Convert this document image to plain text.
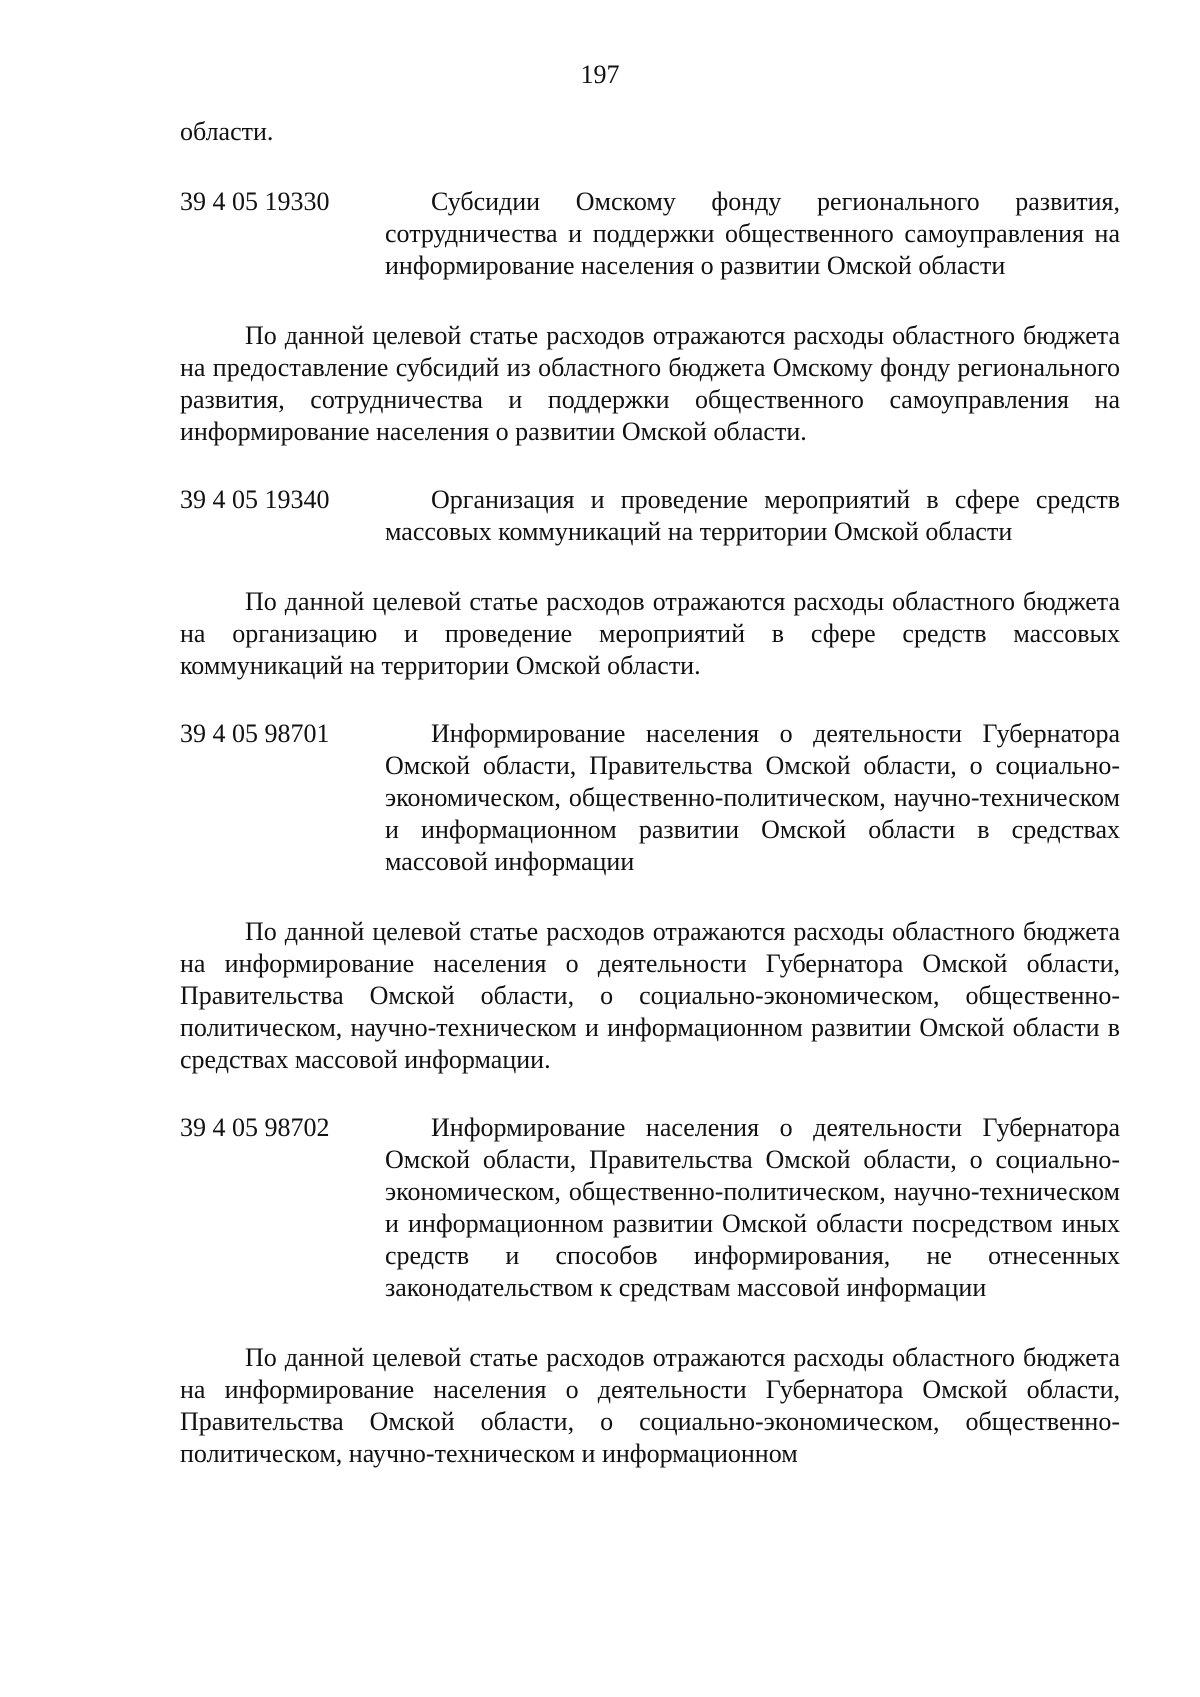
197

области.

39 4 05 19330	Субсидии Омскому фонду регионального развития, сотрудничества и поддержки общественного самоуправления на информирование населения о развитии Омской области

По данной целевой статье расходов отражаются расходы областного бюджета на предоставление субсидий из областного бюджета Омскому фонду регионального развития, сотрудничества и поддержки общественного самоуправления на информирование населения о развитии Омской области.

39 4 05 19340	Организация и проведение мероприятий в сфере средств массовых коммуникаций на территории Омской области

По данной целевой статье расходов отражаются расходы областного бюджета на организацию и проведение мероприятий в сфере средств массовых коммуникаций на территории Омской области.

39 4 05 98701	Информирование населения о деятельности Губернатора Омской области, Правительства Омской области, о социально-экономическом, общественно-политическом, научно-техническом и информационном развитии Омской области в средствах массовой информации

По данной целевой статье расходов отражаются расходы областного бюджета на информирование населения о деятельности Губернатора Омской области, Правительства Омской области, о социально-экономическом, общественно-политическом, научно-техническом и информационном развитии Омской области в средствах массовой информации.

39 4 05 98702	Информирование населения о деятельности Губернатора Омской области, Правительства Омской области, о социально-экономическом, общественно-политическом, научно-техническом и информационном развитии Омской области посредством иных средств и способов информирования, не отнесенных законодательством к средствам массовой информации

По данной целевой статье расходов отражаются расходы областного бюджета на информирование населения о деятельности Губернатора Омской области, Правительства Омской области, о социально-экономическом, общественно-политическом, научно-техническом и информационном
